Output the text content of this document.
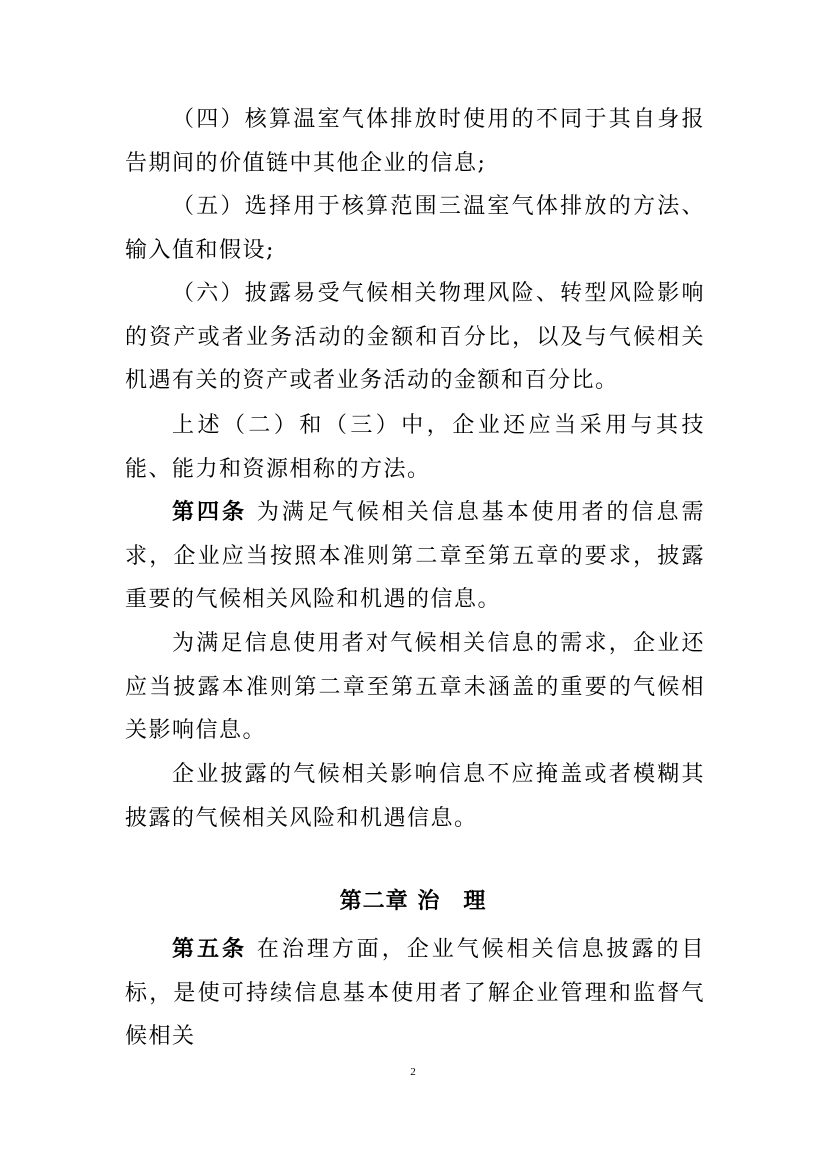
（四）核算温室气体排放时使用的不同于其自身报告期间的价值链中其他企业的信息;
（五）选择用于核算范围三温室气体排放的方法、输入值和假设;
（六）披露易受气候相关物理风险、转型风险影响的资产或者业务活动的金额和百分比，以及与气候相关机遇有关的资产或者业务活动的金额和百分比。
上述（二）和（三）中，企业还应当采用与其技能、能力和资源相称的方法。
第四条 为满足气候相关信息基本使用者的信息需求，企业应当按照本准则第二章至第五章的要求，披露重要的气候相关风险和机遇的信息。
为满足信息使用者对气候相关信息的需求，企业还应当披露本准则第二章至第五章未涵盖的重要的气候相关影响信息。
企业披露的气候相关影响信息不应掩盖或者模糊其披露的气候相关风险和机遇信息。
第二章 治　理
第五条 在治理方面，企业气候相关信息披露的目标，是使可持续信息基本使用者了解企业管理和监督气候相关
2
